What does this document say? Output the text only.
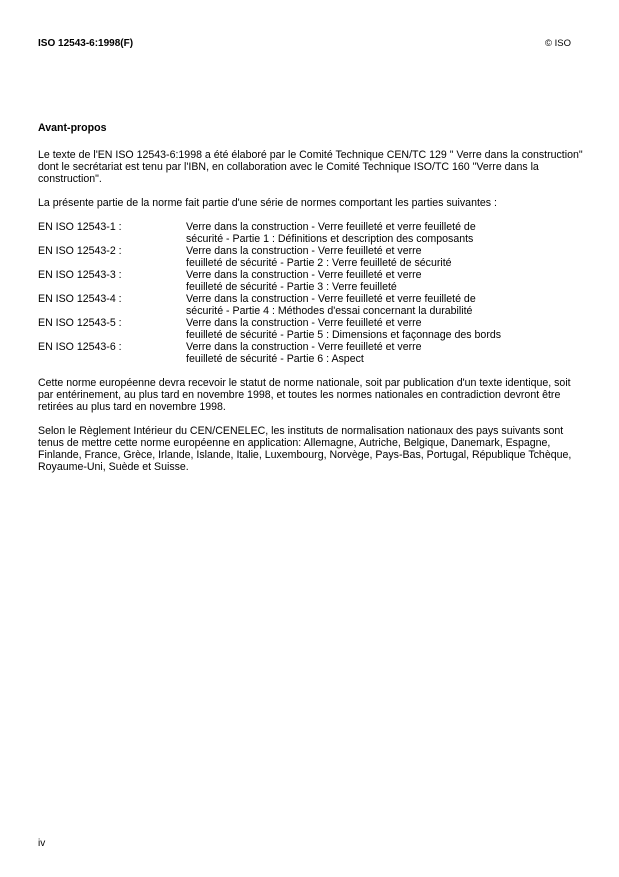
ISO 12543-6:1998(F)	© ISO
Avant-propos
Le texte de l'EN ISO 12543-6:1998 a été élaboré par le Comité Technique CEN/TC 129 " Verre dans la construction" dont le secrétariat est tenu par l'IBN, en collaboration avec le Comité Technique ISO/TC 160 "Verre dans la construction".
La présente partie de la norme fait partie d'une série de normes comportant les parties suivantes :
EN ISO 12543-1 :	Verre dans la construction - Verre feuilleté et verre feuilleté de
sécurité - Partie 1 : Définitions et description des composants
EN ISO 12543-2 :	Verre dans la construction - Verre feuilleté et verre
feuilleté de sécurité - Partie 2 : Verre feuilleté de sécurité
EN ISO 12543-3 :	Verre dans la construction - Verre feuilleté et verre
feuilleté de sécurité - Partie 3 : Verre feuilleté
EN ISO 12543-4 :	Verre dans la construction - Verre feuilleté et verre feuilleté de
sécurité - Partie 4 : Méthodes d'essai concernant la durabilité
EN ISO 12543-5 :	Verre dans la construction - Verre feuilleté et verre
feuilleté de sécurité - Partie 5 : Dimensions et façonnage des bords
EN ISO 12543-6 :	Verre dans la construction - Verre feuilleté et verre
feuilleté de sécurité - Partie 6 : Aspect
Cette norme européenne devra recevoir le statut de norme nationale, soit par publication d'un texte identique, soit par entérinement, au plus tard en novembre 1998, et toutes les normes nationales en contradiction devront être retirées au plus tard en novembre 1998.
Selon le Règlement Intérieur du CEN/CENELEC, les instituts de normalisation nationaux des pays suivants sont tenus de mettre cette norme européenne en application: Allemagne, Autriche, Belgique, Danemark, Espagne, Finlande, France, Grèce, Irlande, Islande, Italie, Luxembourg, Norvège, Pays-Bas, Portugal, République Tchèque, Royaume-Uni, Suède et Suisse.
iv
